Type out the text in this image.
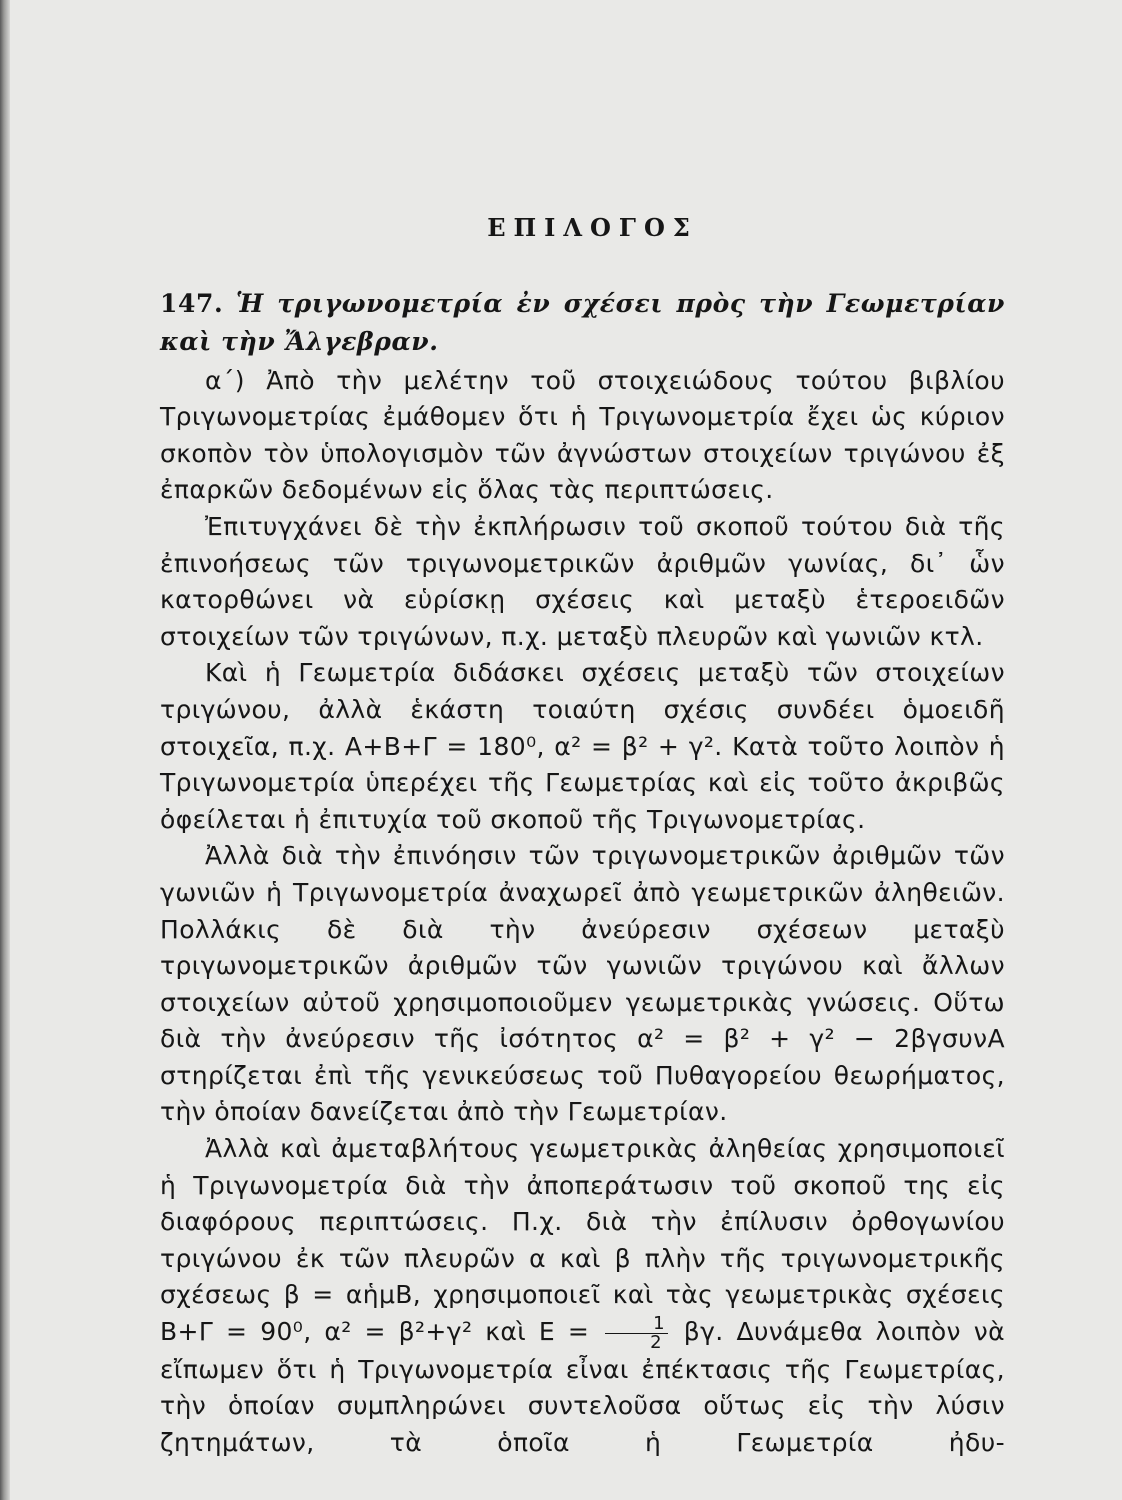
ΕΠΙΛΟΓΟΣ
147. Ἡ τριγωνομετρία ἐν σχέσει πρὸς τὴν Γεωμετρίαν καὶ τὴν Ἄλγεβραν.

α΄) Ἀπὸ τὴν μελέτην τοῦ στοιχειώδους τούτου βιβλίου Τριγωνομετρίας ἐμάθομεν ὅτι ἡ Τριγωνομετρία ἔχει ὡς κύριον σκοπὸν τὸν ὑπολογισμὸν τῶν ἀγνώστων στοιχείων τριγώνου ἐξ ἐπαρκῶν δεδομένων εἰς ὅλας τὰς περιπτώσεις.

Ἐπιτυγχάνει δὲ τὴν ἐκπλήρωσιν τοῦ σκοποῦ τούτου διὰ τῆς ἐπινοήσεως τῶν τριγωνομετρικῶν ἀριθμῶν γωνίας, δι᾿ ὧν κατορθώνει νὰ εὑρίσκῃ σχέσεις καὶ μεταξὺ ἑτεροειδῶν στοιχείων τῶν τριγώνων, π.χ. μεταξὺ πλευρῶν καὶ γωνιῶν κτλ.

Καὶ ἡ Γεωμετρία διδάσκει σχέσεις μεταξὺ τῶν στοιχείων τριγώνου, ἀλλὰ ἑκάστη τοιαύτη σχέσις συνδέει ὁμοειδῆ στοιχεῖα, π.χ. Α+Β+Γ = 180⁰, α² = β² + γ². Κατὰ τοῦτο λοιπὸν ἡ Τριγωνομετρία ὑπερέχει τῆς Γεωμετρίας καὶ εἰς τοῦτο ἀκριβῶς ὀφείλεται ἡ ἐπιτυχία τοῦ σκοποῦ τῆς Τριγωνομετρίας.

Ἀλλὰ διὰ τὴν ἐπινόησιν τῶν τριγωνομετρικῶν ἀριθμῶν τῶν γωνιῶν ἡ Τριγωνομετρία ἀναχωρεῖ ἀπὸ γεωμετρικῶν ἀληθειῶν. Πολλάκις δὲ διὰ τὴν ἀνεύρεσιν σχέσεων μεταξὺ τριγωνομετρικῶν ἀριθμῶν τῶν γωνιῶν τριγώνου καὶ ἄλλων στοιχείων αὐτοῦ χρησιμοποιοῦμεν γεωμετρικὰς γνώσεις. Οὕτω διὰ τὴν ἀνεύρεσιν τῆς ἰσότητος α² = β² + γ² − 2βγσυνΑ στηρίζεται ἐπὶ τῆς γενικεύσεως τοῦ Πυθαγορείου θεωρήματος, τὴν ὁποίαν δανείζεται ἀπὸ τὴν Γεωμετρίαν.

Ἀλλὰ καὶ ἀμεταβλήτους γεωμετρικὰς ἀληθείας χρησιμοποιεῖ ἡ Τριγωνομετρία διὰ τὴν ἀποπεράτωσιν τοῦ σκοποῦ της εἰς διαφόρους περιπτώσεις. Π.χ. διὰ τὴν ἐπίλυσιν ὀρθογωνίου τριγώνου ἐκ τῶν πλευρῶν α καὶ β πλὴν τῆς τριγωνομετρικῆς σχέσεως β = αἡμΒ, χρησιμοποιεῖ καὶ τὰς γεωμετρικὰς σχέσεις Β+Γ = 90⁰, α² = β²+γ² καὶ $E = \frac{1}{2} \beta\gamma$. Δυνάμεθα λοιπὸν νὰ εἴπωμεν ὅτι ἡ Τριγωνομετρία εἶναι ἐπέκτασις τῆς Γεωμετρίας, τὴν ὁποίαν συμπληρώνει συντελοῦσα οὕτως εἰς τὴν λύσιν ζητημάτων, τὰ ὁποῖα ἡ Γεωμετρία ἠδυ-
